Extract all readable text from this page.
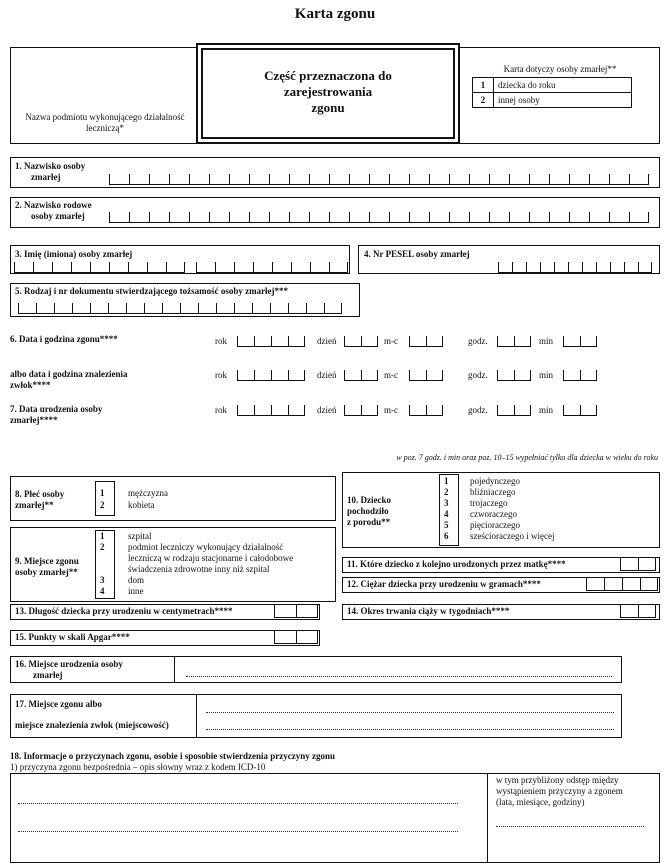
Karta zgonu
Nazwa podmiotu wykonującego działalność leczniczą*
Część przeznaczona do
zarejestrowania
zgonu
Karta dotyczy osoby zmarłej**
1	dziecka do roku
2	innej osoby
1. Nazwisko osoby
zmarłej
2. Nazwisko rodowe
osoby zmarłej
3. Imię (imiona) osoby zmarłej	4. Nr PESEL osoby zmarłej
5. Rodzaj i nr dokumentu stwierdzającego tożsamość osoby zmarłej***
6. Data i godzina zgonu****
albo data i godzina znalezienia
zwłok****
7. Data urodzenia osoby
zmarłej****
rok	dzień	m-c	godz.	min
rok	dzień	m-c	godz.	min
rok	dzień	m-c	godz.	min
w poz. 7 godz. i min oraz poz. 10–15 wypełniać tylko dla dziecka w wieku do roku
8. Płeć osoby
zmarłej**
1	mężczyzna
2	kobieta
9. Miejsce zgonu
osoby zmarłej**
1	szpital
2	podmiot leczniczy wykonujący działalność

leczniczą w rodzaju stacjonarne i całodobowe

świadczenia zdrowotne inny niż szpital
3	dom
4	inne
10. Dziecko
pochodziło
z porodu**
1 pojedynczego
2 bliźniaczego
3 trojaczego
4 czworaczego
5 pięcioraczego
6 sześcioraczego i więcej
11. Które dziecko z kolejno urodzonych przez matkę****
12. Ciężar dziecka przy urodzeniu w gramach****
13. Długość dziecka przy urodzeniu w centymetrach****	14. Okres trwania ciąży w tygodniach****
15. Punkty w skali Apgar****
16. Miejsce urodzenia osoby
zmarłej
17. Miejsce zgonu albo
miejsce znalezienia zwłok (miejscowość)
18. Informacje o przyczynach zgonu, osobie i sposobie stwierdzenia przyczyny zgonu
1) przyczyna zgonu bezpośrednia – opis słowny wraz z kodem ICD-10
w tym przybliżony odstęp między
wystąpieniem przyczyny a zgonem
(lata, miesiące, godziny)
